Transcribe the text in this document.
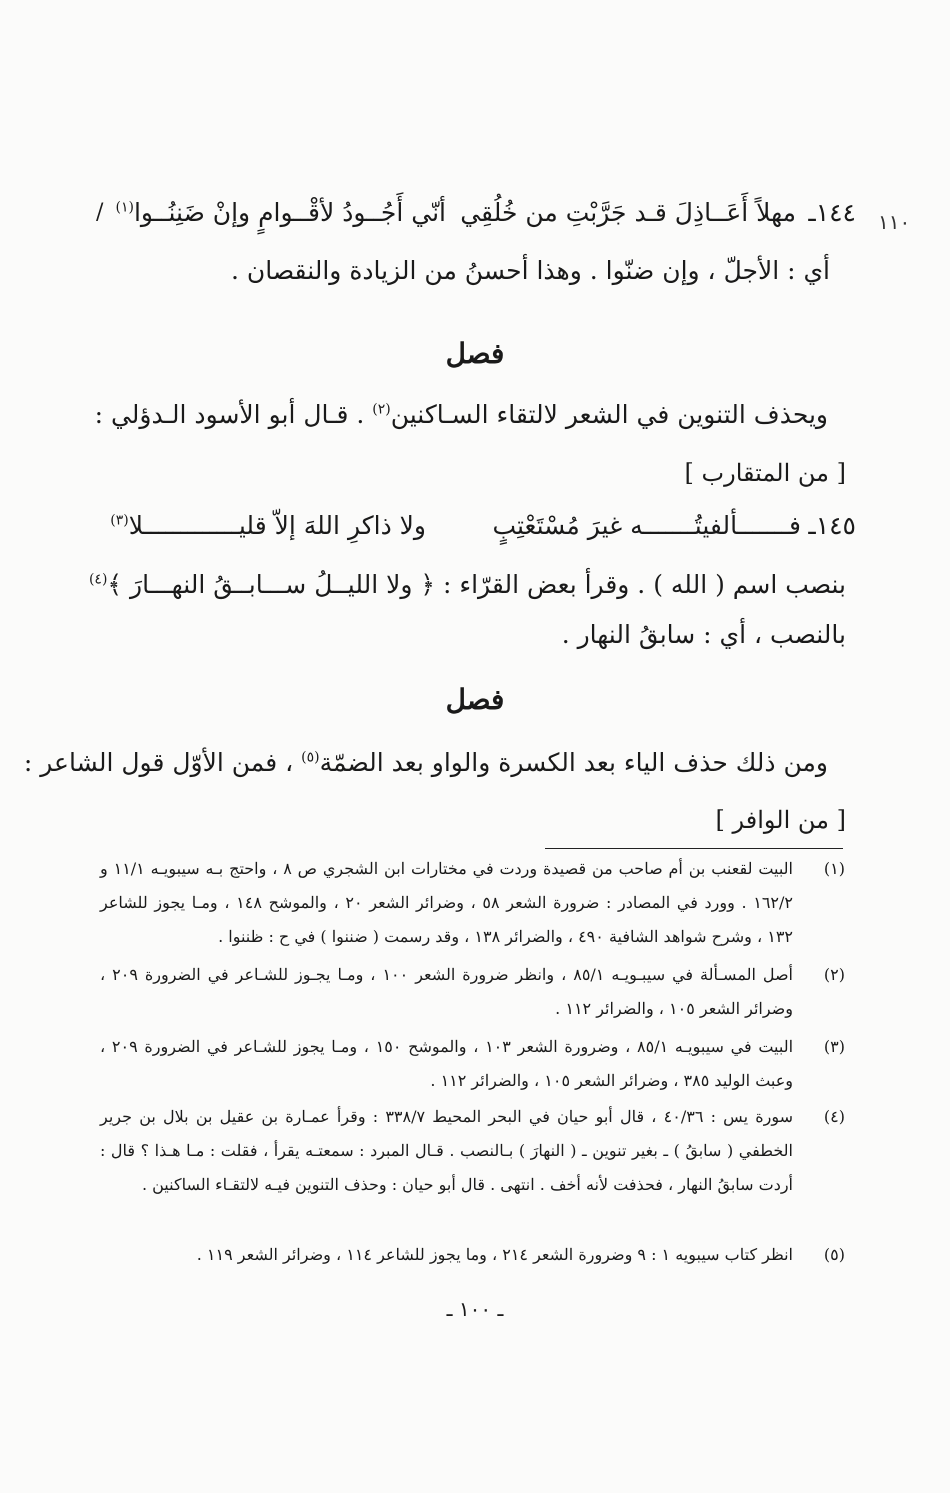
١١٠
١٤٤ـ
مهلاً أَعَــاذِلَ قـد جَرَّبْتِ من خُلُقِي
أنّي أَجُــودُ لأقْــوامٍ وإنْ ضَنِنُــوا$^{(١)}$
/
أي : الأجلّ ، وإن ضنّوا . وهذا أحسنُ من الزيادة والنقصان .
فصل
ويحذف التنوين في الشعر لالتقاء السـاكنين$^{(٢)}$ . قـال أبو الأسود الـدؤلي :
[ من المتقارب ]
١٤٥ـ
فـــــــألفيتُـــــــه غيرَ مُسْتَعْتِبٍ
ولا ذاكرِ اللهَ إلاّ قليـــــــــــــلا$^{(٣)}$
بنصب اسم ( الله ) . وقرأ بعض القرّاء : ﴿ ولا الليــلُ ســـابــقُ النهـــارَ ﴾$^{(٤)}$
بالنصب ، أي : سابقُ النهار .
فصل
ومن ذلك حذف الياء بعد الكسرة والواو بعد الضمّة$^{(٥)}$ ، فمن الأوّل قول الشاعر :
[ من الوافر ]
(١)
البيت لقعنب بن أم صاحب من قصيدة وردت في مختارات ابن الشجري ص ٨ ، واحتج بـه سيبويـه ١١/١ و ١٦٢/٢ . وورد في المصادر : ضرورة الشعر ٥٨ ، وضرائر الشعر ٢٠ ، والموشح ١٤٨ ، ومـا يجوز للشاعر ١٣٢ ، وشرح شواهد الشافية ٤٩٠ ، والضرائر ١٣٨ ، وقد رسمت ( ضننوا ) في ح : ظننوا .
(٢)
أصل المسـألة في سيبـويـه ٨٥/١ ، وانظر ضرورة الشعر ١٠٠ ، ومـا يجـوز للشـاعر في الضرورة ٢٠٩ ، وضرائر الشعر ١٠٥ ، والضرائر ١١٢ .
(٣)
البيت في سيبويـه ٨٥/١ ، وضرورة الشعر ١٠٣ ، والموشح ١٥٠ ، ومـا يجوز للشـاعر في الضرورة ٢٠٩ ، وعبث الوليد ٣٨٥ ، وضرائر الشعر ١٠٥ ، والضرائر ١١٢ .
(٤)
سورة يس : ٤٠/٣٦ ، قال أبو حيان في البحر المحيط ٣٣٨/٧ : وقرأ عمـارة بن عقيل بن بلال بن جرير الخطفي ( سابقُ ) ـ بغير تنوين ـ ( النهارَ ) بـالنصب . قـال المبرد : سمعتـه يقرأ ، فقلت : مـا هـذا ؟ قال : أردت سابقُ النهار ، فحذفت لأنه أخف . انتهى . قال أبو حيان : وحذف التنوين فيـه لالتقـاء الساكنين .
(٥)
انظر كتاب سيبويه ١ : ٩ وضرورة الشعر ٢١٤ ، وما يجوز للشاعر ١١٤ ، وضرائر الشعر ١١٩ .
ـ ١٠٠ ـ
